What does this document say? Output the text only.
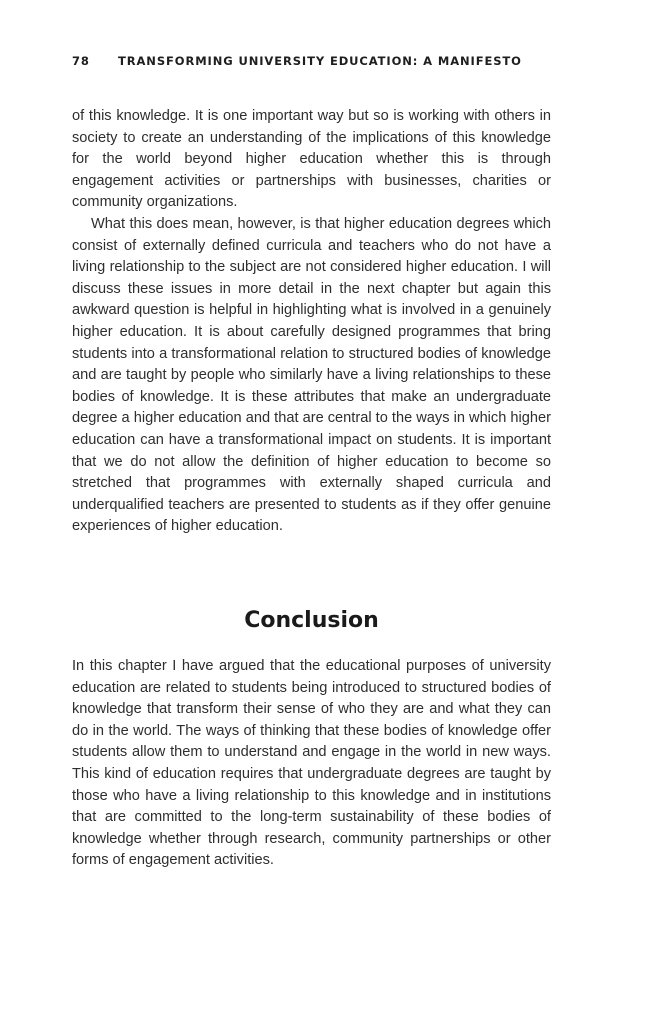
78 TRANSFORMING UNIVERSITY EDUCATION: A MANIFESTO

of this knowledge. It is one important way but so is working with others in society to create an understanding of the implications of this knowledge for the world beyond higher education whether this is through engagement activities or partnerships with businesses, charities or community organizations.

What this does mean, however, is that higher education degrees which consist of externally defined curricula and teachers who do not have a living relationship to the subject are not considered higher education. I will discuss these issues in more detail in the next chapter but again this awkward question is helpful in highlighting what is involved in a genuinely higher education. It is about carefully designed programmes that bring students into a transformational relation to structured bodies of knowledge and are taught by people who similarly have a living relationships to these bodies of knowledge. It is these attributes that make an undergraduate degree a higher education and that are central to the ways in which higher education can have a transformational impact on students. It is important that we do not allow the definition of higher education to become so stretched that programmes with externally shaped curricula and underqualified teachers are presented to students as if they offer genuine experiences of higher education.

Conclusion

In this chapter I have argued that the educational purposes of university education are related to students being introduced to structured bodies of knowledge that transform their sense of who they are and what they can do in the world. The ways of thinking that these bodies of knowledge offer students allow them to understand and engage in the world in new ways. This kind of education requires that undergraduate degrees are taught by those who have a living relationship to this knowledge and in institutions that are committed to the long-term sustainability of these bodies of knowledge whether through research, community partnerships or other forms of engagement activities.
